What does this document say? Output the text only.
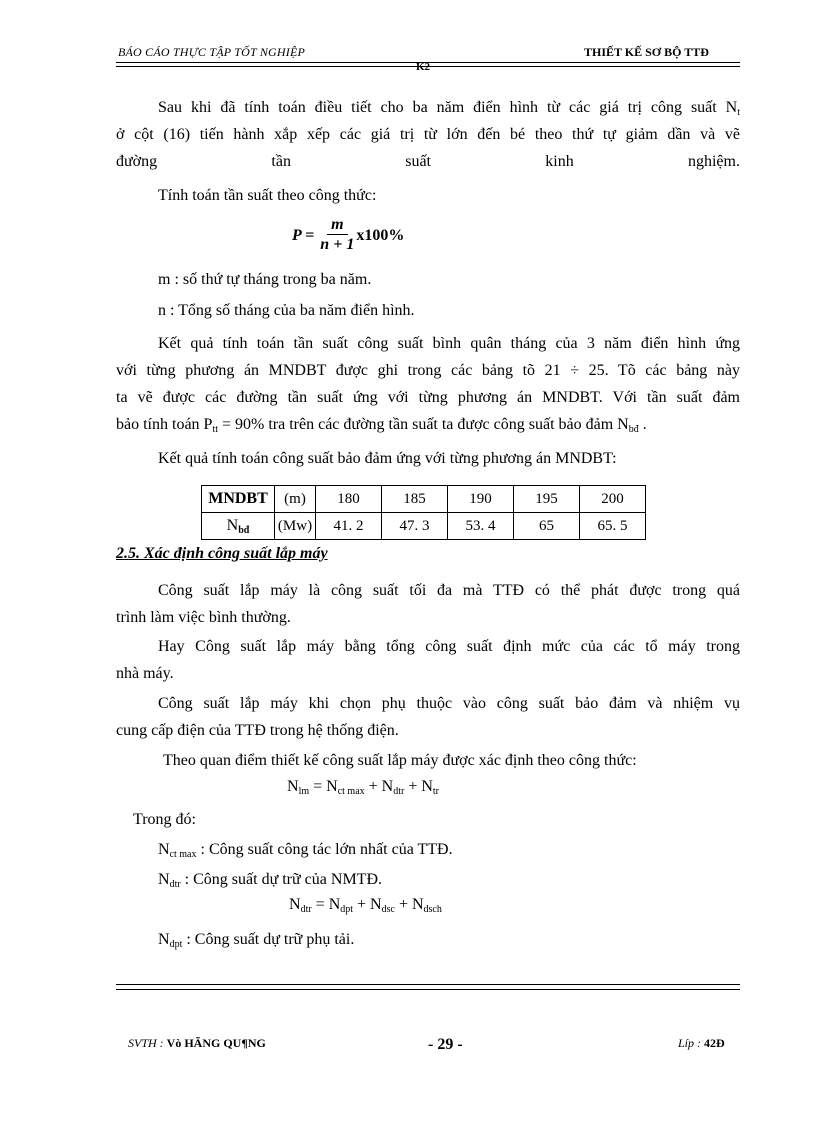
BÁO CÁO THỰC TẬP TỐT NGHIỆP	THIẾT KẾ SƠ BỘ TTĐ
K2
Sau khi đã tính toán điều tiết cho ba năm điển hình từ các giá trị công suất $N_t$
ở cột (16) tiến hành xắp xếp các giá trị từ lớn đến bé theo thứ tự giảm dần và vẽ
đường	tần	suất	kinh	nghiệm.
Tính toán tần suất theo công thức:
$P = \frac{m}{n + 1} x100\%$
m : số thứ tự tháng trong ba năm.
n : Tổng số tháng của ba năm điển hình.
Kết quả tính toán tần suất công suất bình quân tháng của 3 năm điển hình ứng
với từng phương án MNDBT được ghi trong các bảng tõ 21 ÷ 25. Tõ các bảng này
ta vẽ được các đường tần suất ứng với từng phương án MNDBT. Với tần suất đảm
bảo tính toán $P_{tt} = 90\%$ tra trên các đường tần suất ta được công suất bảo đảm $N_{bđ}$ .
Kết quả tính toán công suất bảo đảm ứng với từng phương án MNDBT:
MNDBT	(m)	180	185	190	195	200
$N_{bđ}$	(Mw)	41. 2	47. 3	53. 4	65	65. 5
2.5. Xác định công suất lắp máy
Công suất lắp máy là công suất tối đa mà TTĐ có thể phát được trong quá
trình làm việc bình thường.
Hay Công suất lắp máy bằng tổng công suất định mức của các tổ máy trong
nhà máy.
Công suất lắp máy khi chọn phụ thuộc vào công suất bảo đảm và nhiệm vụ
cung cấp điện của TTĐ trong hệ thống điện.
Theo quan điểm thiết kế công suất lắp máy được xác định theo công thức:
$N_{lm} = N_{ct max} + N_{dtr} + N_{tr}$
Trong đó:
$N_{ct max}$ : Công suất công tác lớn nhất của TTĐ.
$N_{dtr}$ : Công suất dự trữ của NMTĐ.
$N_{dtr} = N_{dpt} + N_{dsc} + N_{dsch}$
$N_{dpt}$ : Công suất dự trữ phụ tải.
SVTH : Vò HÃNG QU¶NG	- 29 -	Líp : 42Ð
